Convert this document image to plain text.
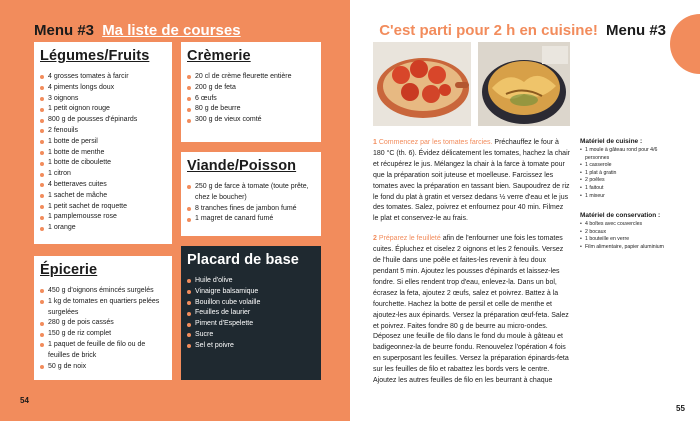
Menu #3 Ma liste de courses
Légumes/Fruits
4 grosses tomates à farcir
4 piments longs doux
3 oignons
1 petit oignon rouge
800 g de pousses d'épinards
2 fenouils
1 botte de persil
1 botte de menthe
1 botte de ciboulette
1 citron
4 betteraves cuites
1 sachet de mâche
1 petit sachet de roquette
1 pamplemousse rose
1 orange
Crèmerie
20 cl de crème fleurette entière
200 g de feta
6 œufs
80 g de beurre
300 g de vieux comté
Viande/Poisson
250 g de farce à tomate (toute prête, chez le boucher)
8 tranches fines de jambon fumé
1 magret de canard fumé
Épicerie
450 g d'oignons émincés surgelés
1 kg de tomates en quartiers pelées surgelées
280 g de pois cassés
150 g de riz complet
1 paquet de feuille de filo ou de feuilles de brick
50 g de noix
Placard de base
Huile d'olive
Vinaigre balsamique
Bouillon cube volaille
Feuilles de laurier
Piment d'Espelette
Sucre
Sel et poivre
54
C'est parti pour 2 h en cuisine! Menu #3

1 Commencez par les tomates farcies. Préchauffez le four à 180 °C (th. 6). Évidez délicatement les tomates, hachez la chair et récupérez le jus. Mélangez la chair à la farce à tomate pour que la préparation soit juteuse et moelleuse. Farcissez les tomates avec la préparation en tassant bien. Saupoudrez de riz le fond du plat à gratin et versez dedans ½ verre d'eau et le jus des tomates. Salez, poivrez et enfournez pour 40 min. Filmez le plat et conservez-le au frais.

2 Préparez le feuilleté afin de l'enfourner une fois les tomates cuites. Épluchez et ciselez 2 oignons et les 2 fenouils. Versez de l'huile dans une poêle et faites-les revenir à feu doux pendant 5 min. Ajoutez les pousses d'épinards et laissez-les fondre. Si elles rendent trop d'eau, enlevez-la. Dans un bol, écrasez la feta, ajoutez 2 œufs, salez et poivrez. Battez à la fourchette. Hachez la botte de persil et celle de menthe et ajoutez-les aux épinards. Versez la préparation œuf-feta. Salez et poivrez. Faites fondre 80 g de beurre au micro-ondes. Déposez une feuille de filo dans le fond du moule à gâteau et badigeonnez-la de beurre fondu. Renouvelez l'opération 4 fois en superposant les feuilles. Versez la préparation épinards-feta sur les feuilles de filo et rabattez les bords vers le centre. Ajoutez les autres feuilles de filo en les beurrant à chaque

Matériel de cuisine :
• 1 moule à gâteau rond pour 4/6 personnes
• 1 casserole
• 1 plat à gratin
• 2 poêles
• 1 faitout
• 1 mixeur
Matériel de conservation :
• 4 boîtes avec couvercles
• 2 bocaux
• 1 bouteille en verre
• Film alimentaire, papier aluminium
55
